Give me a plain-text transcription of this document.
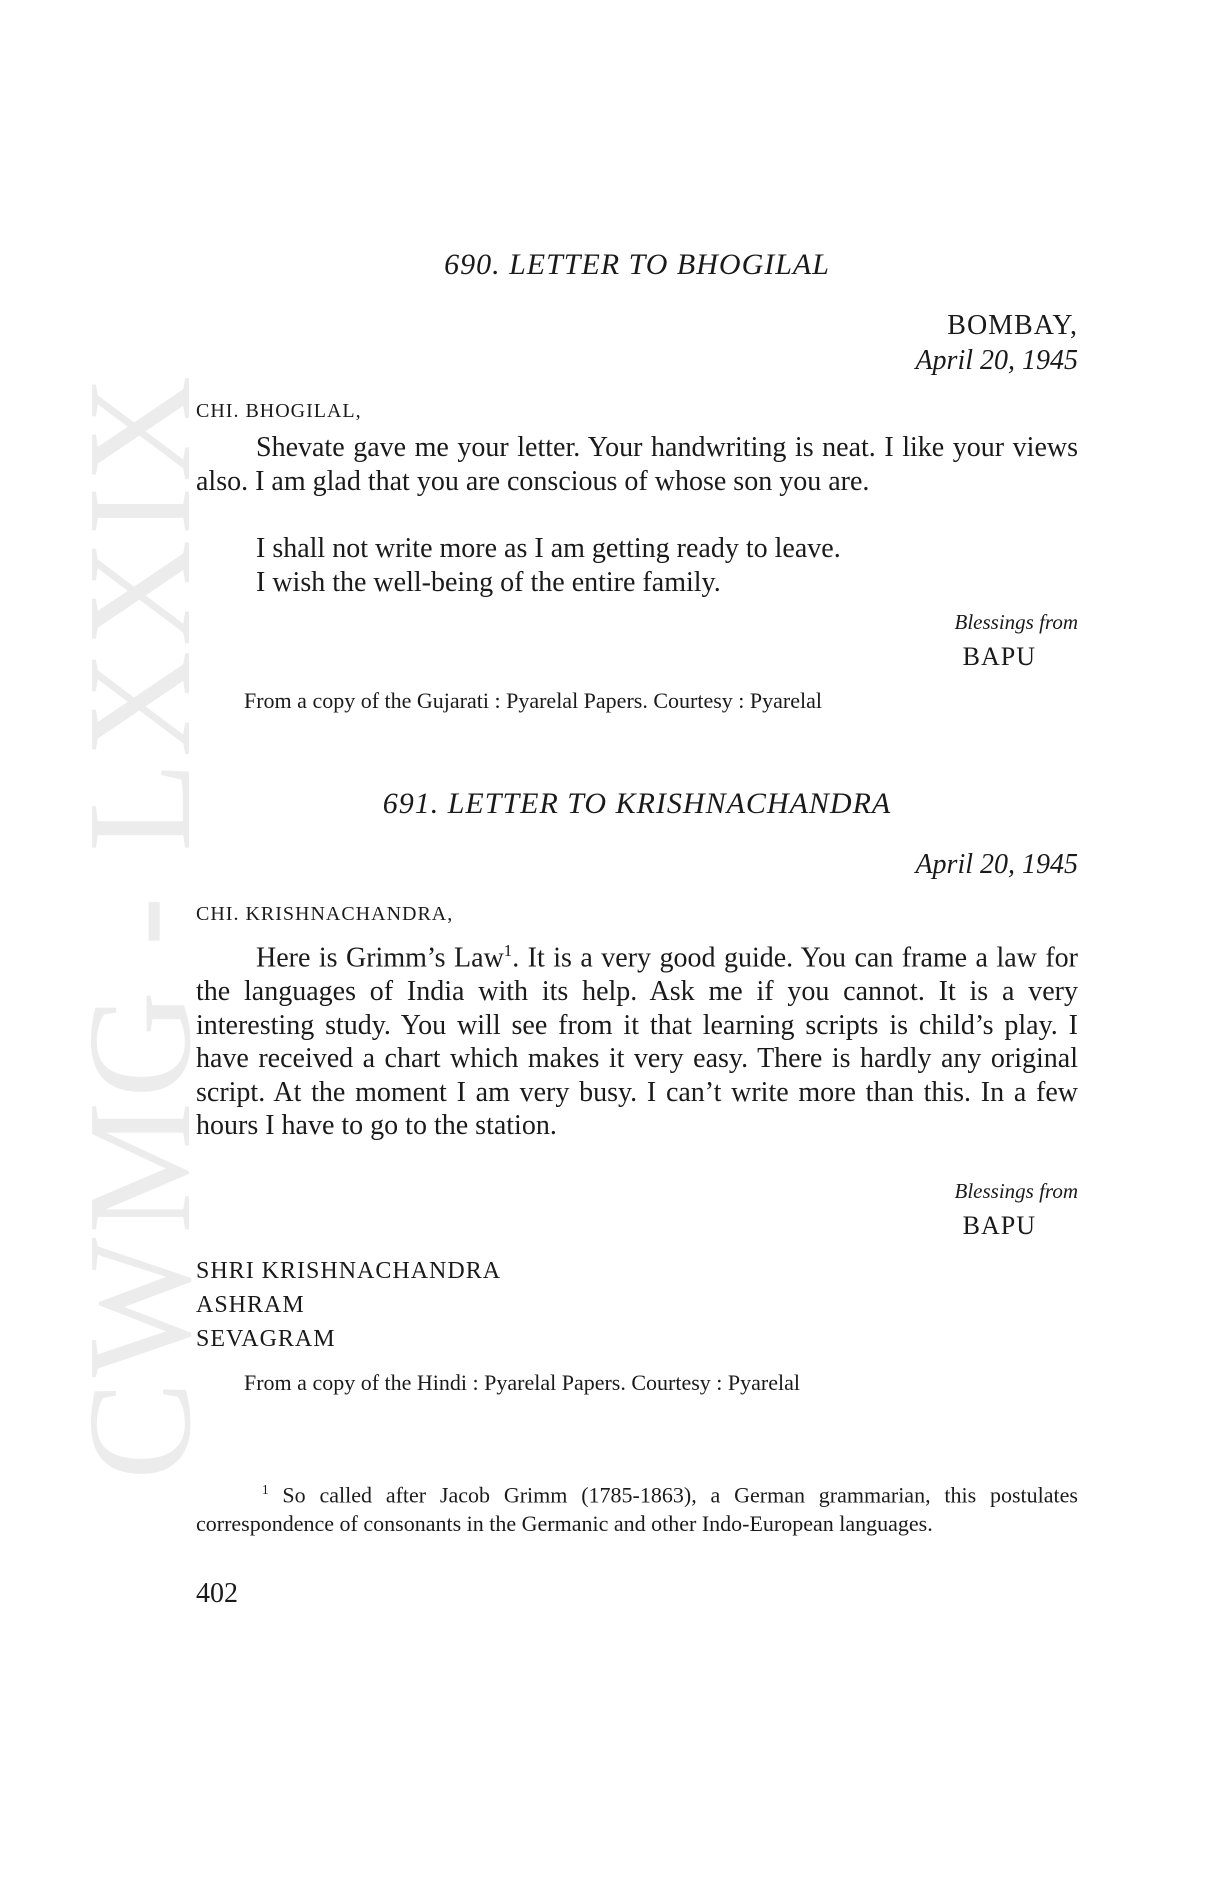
CWMG - LXXIX
690. LETTER TO BHOGILAL
BOMBAY,
April 20, 1945
CHI. BHOGILAL,

Shevate gave me your letter. Your handwriting is neat. I like your views also. I am glad that you are conscious of whose son you are.

I shall not write more as I am getting ready to leave.

I wish the well-being of the entire family.

Blessings from
BAPU
From a copy of the Gujarati : Pyarelal Papers. Courtesy : Pyarelal
691. LETTER TO KRISHNACHANDRA
April 20, 1945
CHI. KRISHNACHANDRA,

Here is Grimm’s Law$^1$. It is a very good guide. You can frame a law for the languages of India with its help. Ask me if you cannot. It is a very interesting study. You will see from it that learning scripts is child’s play. I have received a chart which makes it very easy. There is hardly any original script. At the moment I am very busy. I can’t write more than this. In a few hours I have to go to the station.

Blessings from
BAPU
SHRI KRISHNACHANDRA
ASHRAM
SEVAGRAM
From a copy of the Hindi : Pyarelal Papers. Courtesy : Pyarelal

$^1$ So called after Jacob Grimm (1785-1863), a German grammarian, this postulates correspondence of consonants in the Germanic and other Indo-European languages.

402
